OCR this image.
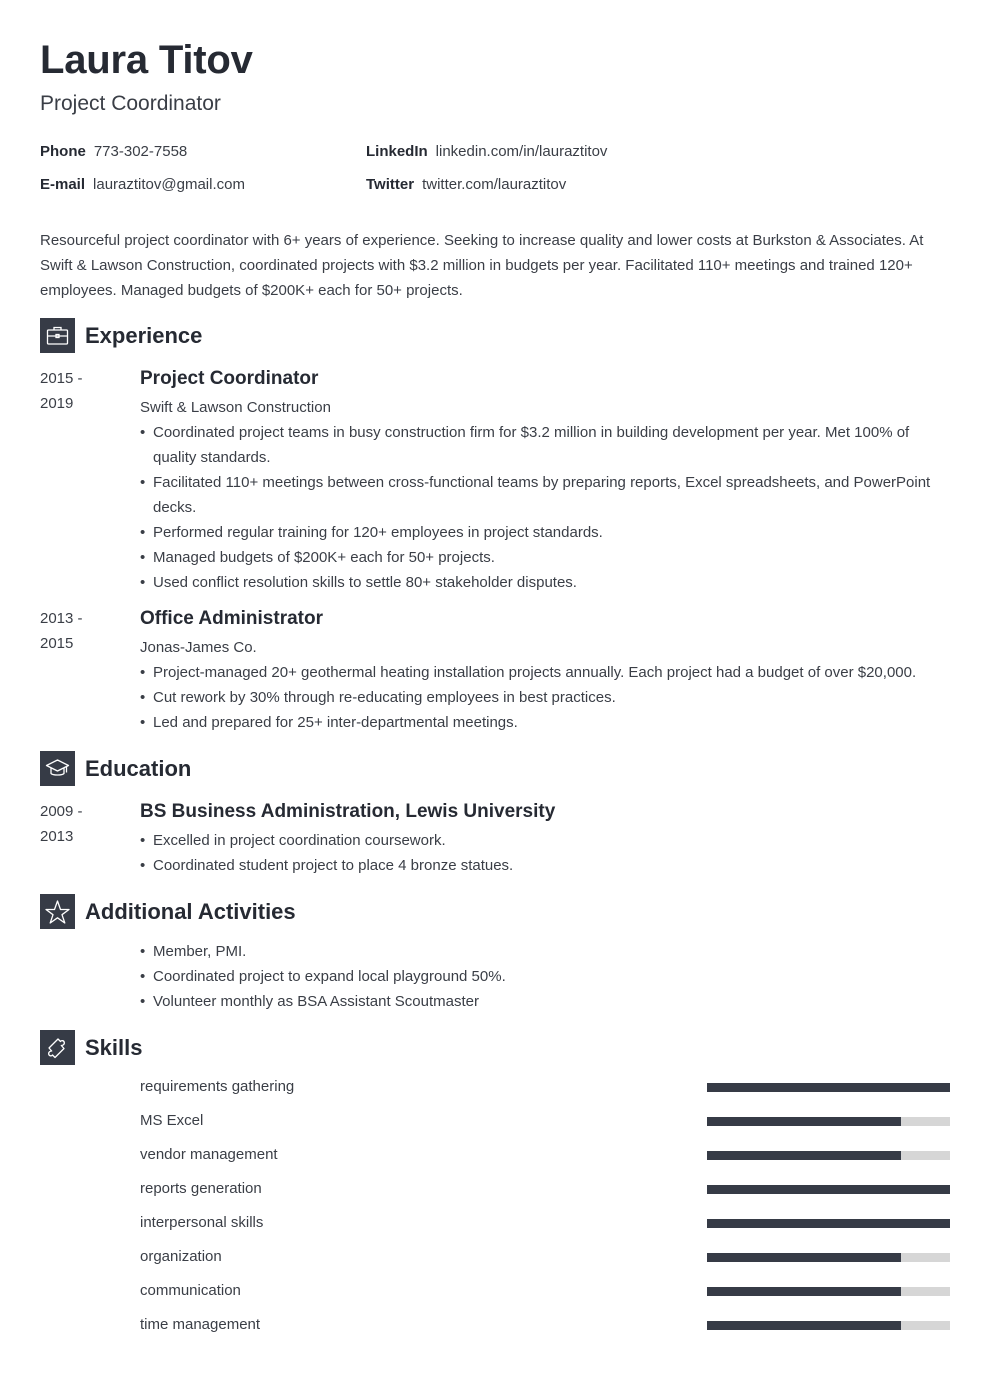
Laura Titov
Project Coordinator
Phone 773-302-7558
E-mail lauraztitov@gmail.com
LinkedIn linkedin.com/in/lauraztitov
Twitter twitter.com/lauraztitov
Resourceful project coordinator with 6+ years of experience. Seeking to increase quality and lower costs at Burkston & Associates. At Swift & Lawson Construction, coordinated projects with $3.2 million in budgets per year. Facilitated 110+ meetings and trained 120+ employees. Managed budgets of $200K+ each for 50+ projects.
Experience
2015 -
2019
Project Coordinator
Swift & Lawson Construction
• Coordinated project teams in busy construction firm for $3.2 million in building development per year. Met 100% of quality standards.
• Facilitated 110+ meetings between cross-functional teams by preparing reports, Excel spreadsheets, and PowerPoint decks.
• Performed regular training for 120+ employees in project standards.
• Managed budgets of $200K+ each for 50+ projects.
• Used conflict resolution skills to settle 80+ stakeholder disputes.
2013 -
2015
Office Administrator
Jonas-James Co.
• Project-managed 20+ geothermal heating installation projects annually. Each project had a budget of over $20,000.
• Cut rework by 30% through re-educating employees in best practices.
• Led and prepared for 25+ inter-departmental meetings.
Education
2009 -
2013
BS Business Administration, Lewis University
• Excelled in project coordination coursework.
• Coordinated student project to place 4 bronze statues.
Additional Activities
• Member, PMI.
• Coordinated project to expand local playground 50%.
• Volunteer monthly as BSA Assistant Scoutmaster
Skills
requirements gathering
MS Excel
vendor management
reports generation
interpersonal skills
organization
communication
time management
